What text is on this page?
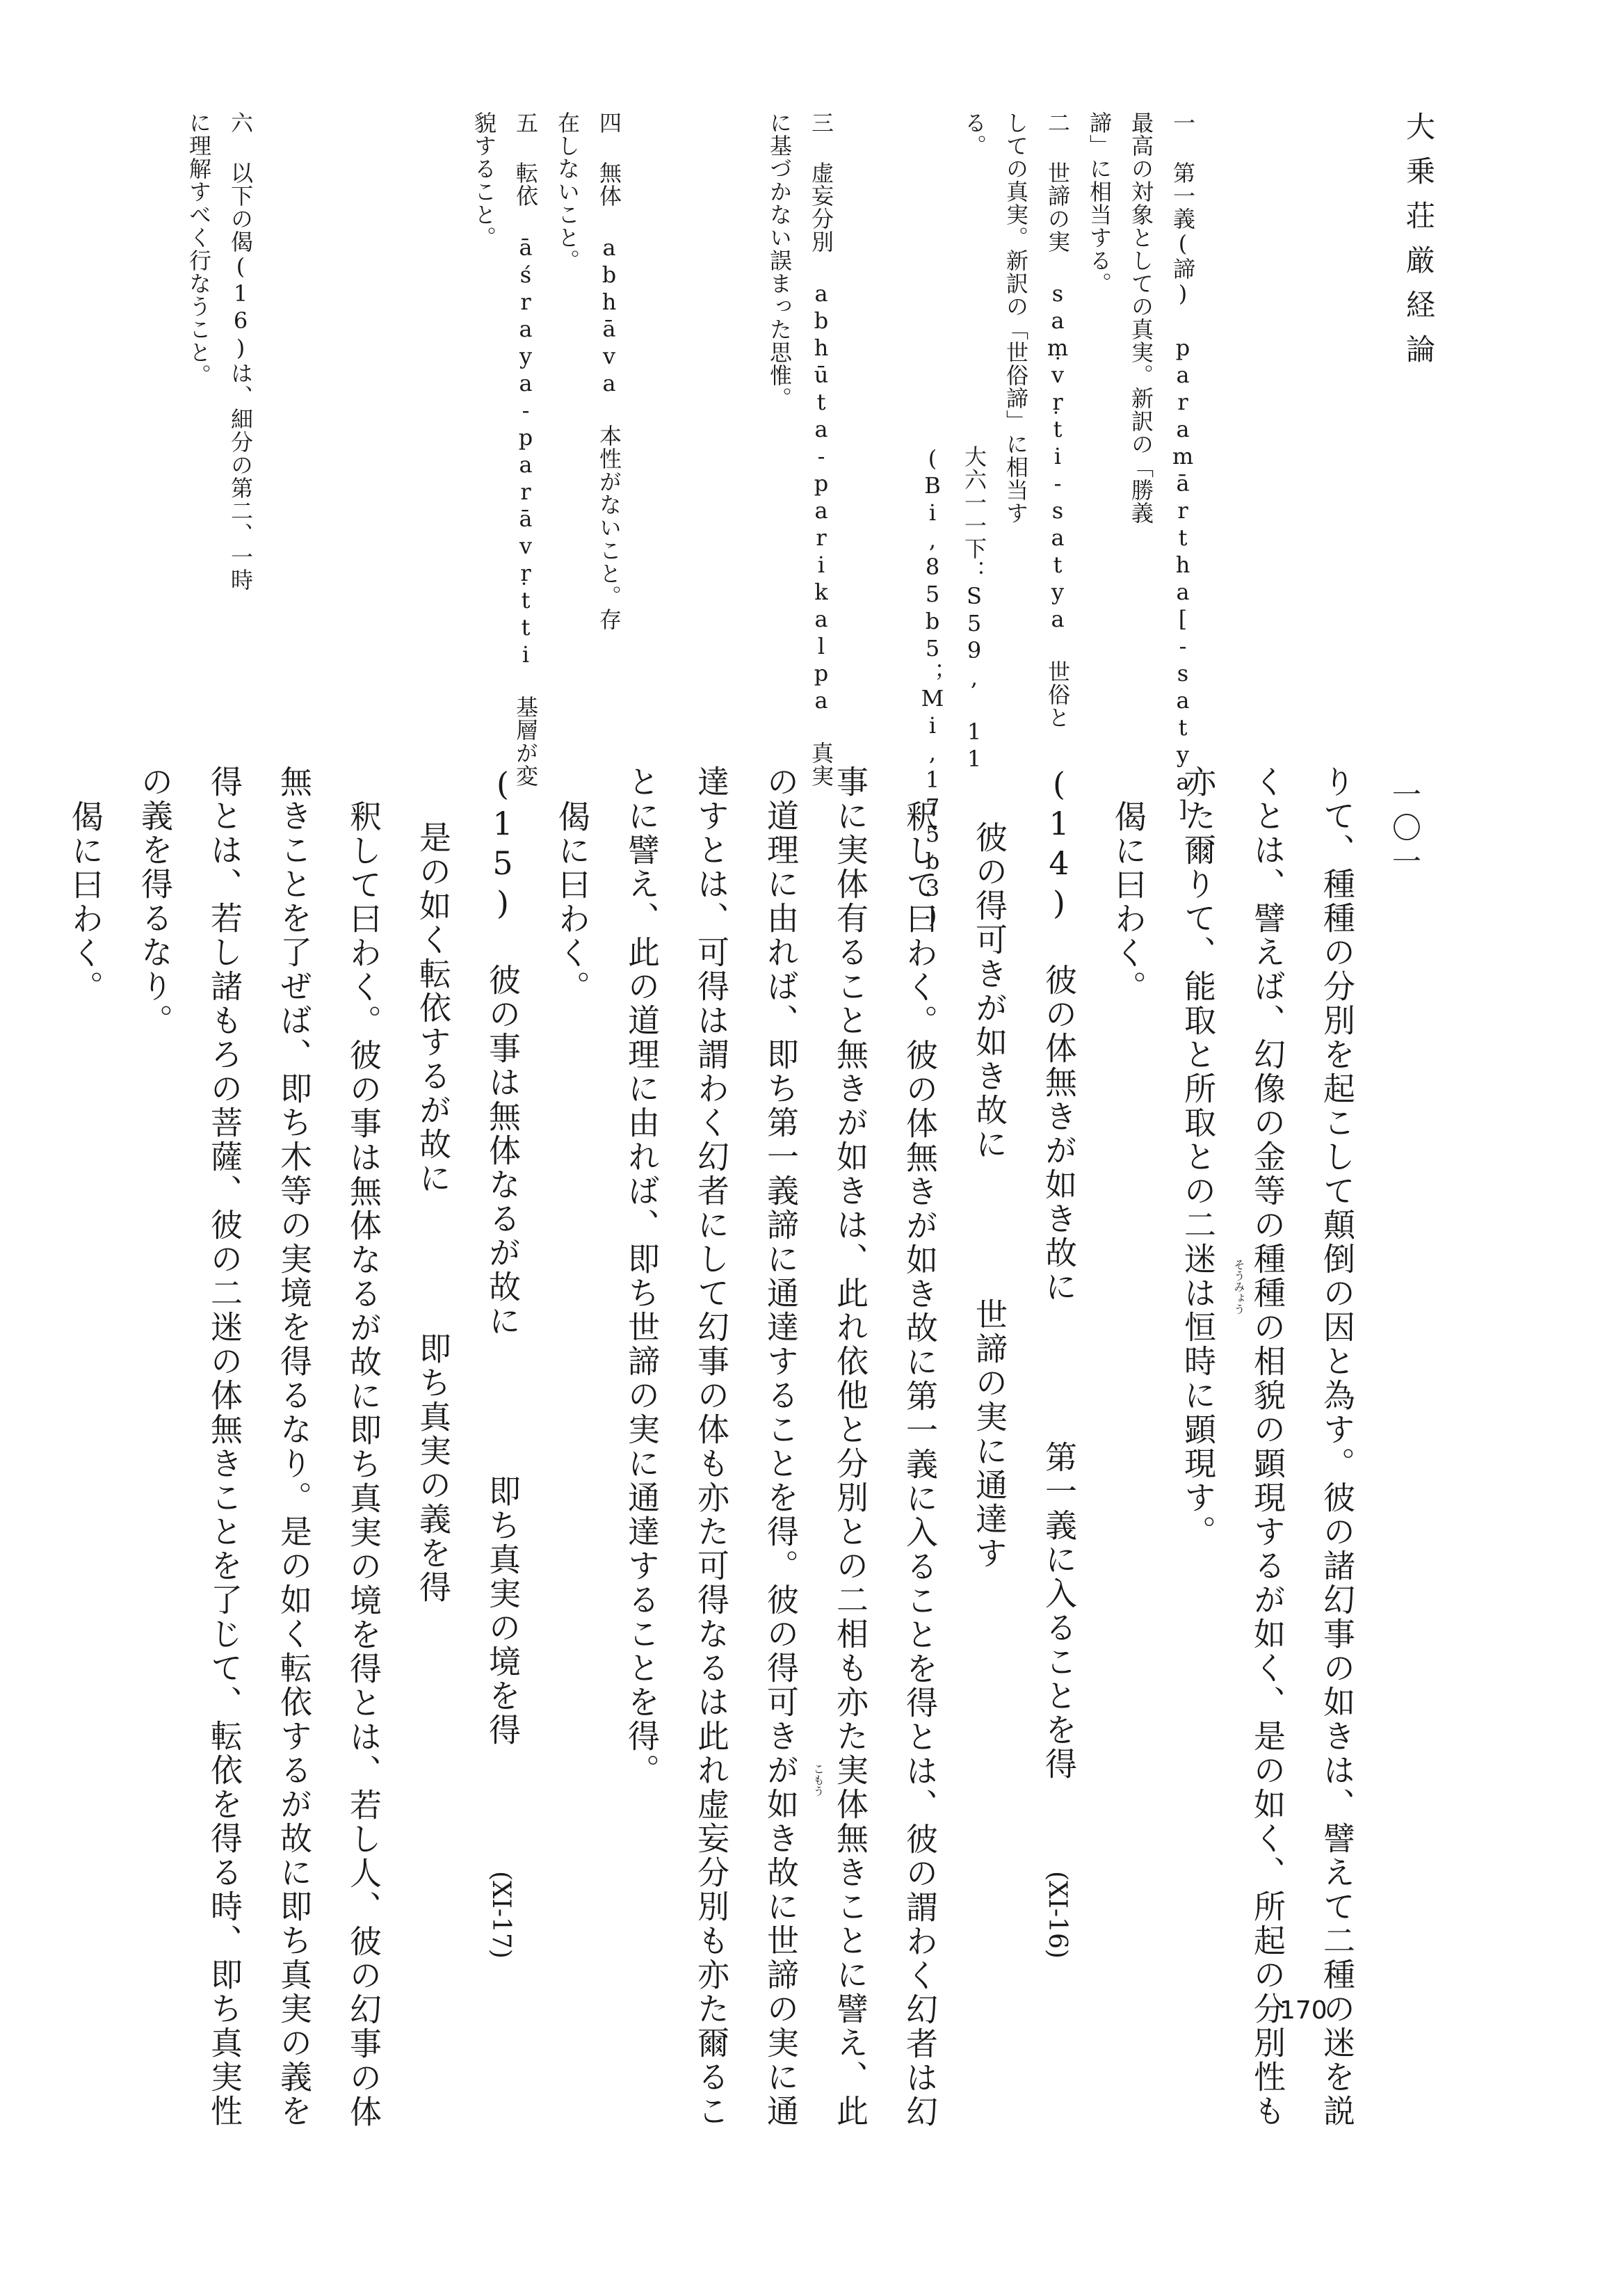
大乗荘厳経論
一〇一
170
そうみょう
こもう	りて、種種の分別を起こして顛倒の因と為す。彼の諸幻事の如きは、譬えて二種の迷を説
くとは、譬えば、幻像の金等の種種の相貌の顕現するが如く、是の如く、所起の分別性も
亦た爾りて、能取と所取との二迷は恒時に顕現す。
偈に曰わく。
(14) 彼の体無きが如き故に　　　　第一義に入ることを得
(XI-16)
彼の得可きが如き故に　　　　世諦の実に通達す
釈して曰わく。彼の体無きが如き故に第一義に入ることを得とは、彼の謂わく幻者は幻
事に実体有ること無きが如きは、此れ依他と分別との二相も亦た実体無きことに譬え、此
の道理に由れば、即ち第一義諦に通達することを得。彼の得可きが如き故に世諦の実に通
達すとは、可得は謂わく幻者にして幻事の体も亦た可得なるは此れ虚妄分別も亦た爾るこ
とに譬え、此の道理に由れば、即ち世諦の実に通達することを得。
偈に曰わく。
(15) 彼の事は無体なるが故に　　　　即ち真実の境を得
(XI-17)
是の如く転依するが故に　　　　即ち真実の義を得
釈して曰わく。彼の事は無体なるが故に即ち真実の境を得とは、若し人、彼の幻事の体
無きことを了ぜば、即ち木等の実境を得るなり。是の如く転依するが故に即ち真実の義を
得とは、若し諸もろの菩薩、彼の二迷の体無きことを了じて、転依を得る時、即ち真実性
の義を得るなり。
偈に曰わく。
一 第一義(諦) paramārtha[-satya]
最高の対象としての真実。新訳の「勝義
諦」に相当する。
二 世諦の実 saṃvṛti-satya 世俗と
しての真実。新訳の「世俗諦」に相当す
る。
大六一一下：S59, 11
(Bi,85b5；Mi,175b3)
三 虚妄分別 abhūta-parikalpa 真実
に基づかない誤まった思惟。
四 無体 abhāva 本性がないこと。存
在しないこと。
五 転依 āśraya-parāvṛtti 基層が変
貌すること。
六 以下の偈(16)は、細分の第二、一時
に理解すべく行なうこと。
